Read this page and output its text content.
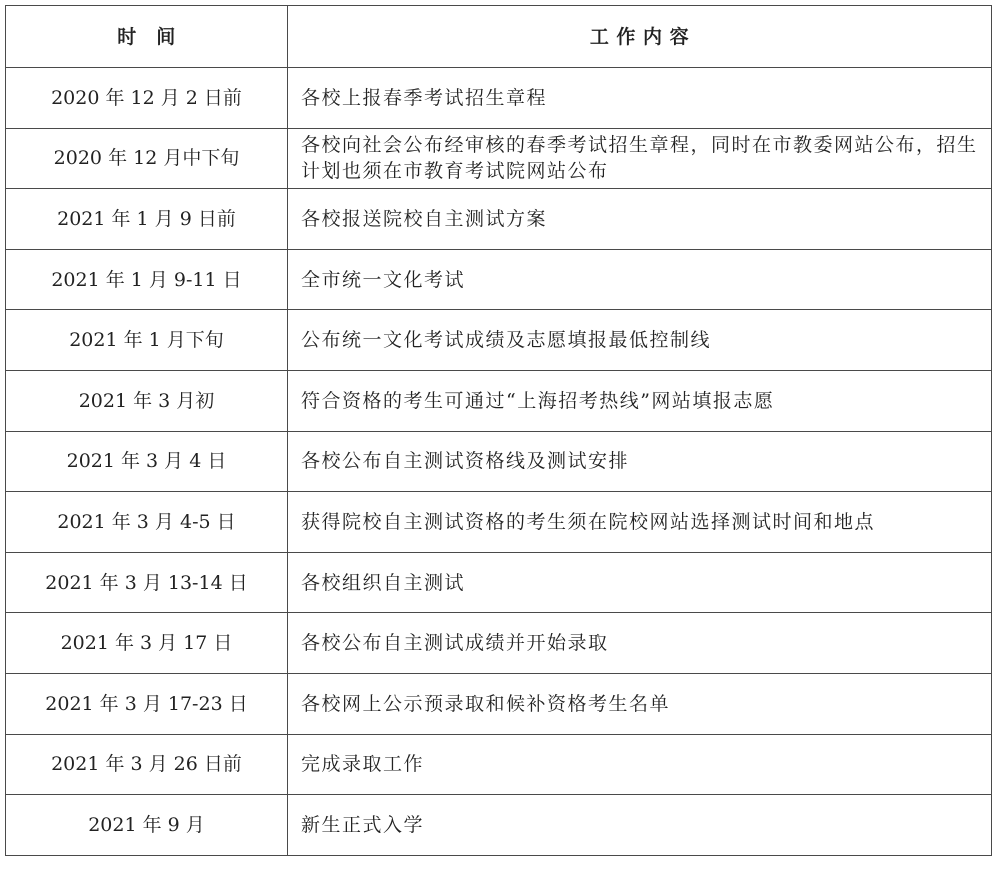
时　间	工 作 内 容
2020 年 12 月 2 日前	各校上报春季考试招生章程
2020 年 12 月中下旬	各校向社会公布经审核的春季考试招生章程，同时在市教委网站公布，招生计划也须在市教育考试院网站公布
2021 年 1 月 9 日前	各校报送院校自主测试方案
2021 年 1 月 9-11 日	全市统一文化考试
2021 年 1 月下旬	公布统一文化考试成绩及志愿填报最低控制线
2021 年 3 月初	符合资格的考生可通过“上海招考热线”网站填报志愿
2021 年 3 月 4 日	各校公布自主测试资格线及测试安排
2021 年 3 月 4-5 日	获得院校自主测试资格的考生须在院校网站选择测试时间和地点
2021 年 3 月 13-14 日	各校组织自主测试
2021 年 3 月 17 日	各校公布自主测试成绩并开始录取
2021 年 3 月 17-23 日	各校网上公示预录取和候补资格考生名单
2021 年 3 月 26 日前	完成录取工作
2021 年 9 月	新生正式入学
